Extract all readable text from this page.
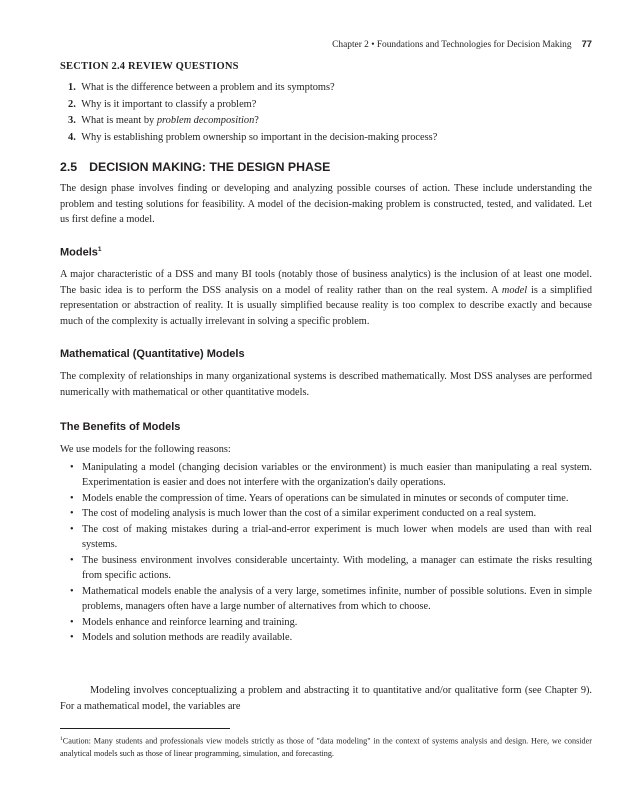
Chapter 2 • Foundations and Technologies for Decision Making 77
SECTION 2.4 REVIEW QUESTIONS
1. What is the difference between a problem and its symptoms?
2. Why is it important to classify a problem?
3. What is meant by problem decomposition?
4. Why is establishing problem ownership so important in the decision-making process?
2.5 DECISION MAKING: THE DESIGN PHASE

The design phase involves finding or developing and analyzing possible courses of action. These include understanding the problem and testing solutions for feasibility. A model of the decision-making problem is constructed, tested, and validated. Let us first define a model.

Models$^1$

A major characteristic of a DSS and many BI tools (notably those of business analytics) is the inclusion of at least one model. The basic idea is to perform the DSS analysis on a model of reality rather than on the real system. A model is a simplified representation or abstraction of reality. It is usually simplified because reality is too complex to describe exactly and because much of the complexity is actually irrelevant in solving a specific problem.

Mathematical (Quantitative) Models

The complexity of relationships in many organizational systems is described mathematically. Most DSS analyses are performed numerically with mathematical or other quantitative models.

The Benefits of Models

We use models for the following reasons:

• Manipulating a model (changing decision variables or the environment) is much easier than manipulating a real system. Experimentation is easier and does not interfere with the organization's daily operations.
• Models enable the compression of time. Years of operations can be simulated in minutes or seconds of computer time.
• The cost of modeling analysis is much lower than the cost of a similar experiment conducted on a real system.
• The cost of making mistakes during a trial-and-error experiment is much lower when models are used than with real systems.
• The business environment involves considerable uncertainty. With modeling, a manager can estimate the risks resulting from specific actions.
• Mathematical models enable the analysis of a very large, sometimes infinite, number of possible solutions. Even in simple problems, managers often have a large number of alternatives from which to choose.
• Models enhance and reinforce learning and training.
• Models and solution methods are readily available.

Modeling involves conceptualizing a problem and abstracting it to quantitative and/or qualitative form (see Chapter 9). For a mathematical model, the variables are

$^1$Caution: Many students and professionals view models strictly as those of "data modeling" in the context of systems analysis and design. Here, we consider analytical models such as those of linear programming, simulation, and forecasting.
